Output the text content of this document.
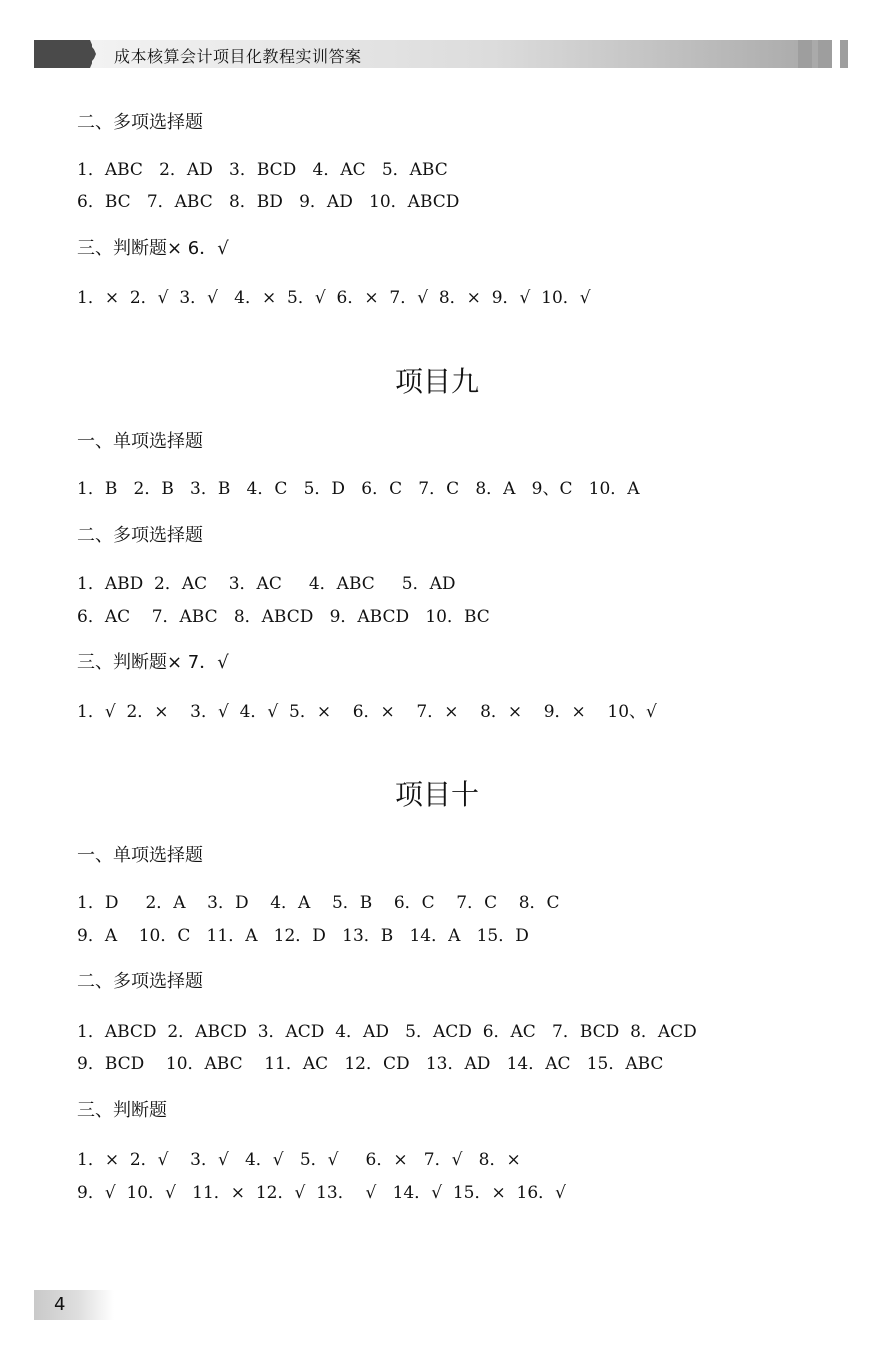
成本核算会计项目化教程实训答案
二、多项选择题
1．ABC   2．AD   3．BCD   4．AC   5．ABC
6．BC   7．ABC   8．BD   9．AD   10．ABCD
三、判断题× 6．√
1．×  2．√  3．√   4．×  5．√  6．×  7．√  8．×  9．√  10．√
项目九
一、单项选择题
1．B   2．B   3．B   4．C   5．D   6．C   7．C   8．A   9、C   10．A
二、多项选择题
1．ABD  2．AC    3．AC     4．ABC     5．AD
6．AC    7．ABC   8．ABCD   9．ABCD   10．BC
三、判断题× 7．√
1．√  2．×    3．√  4．√  5．×    6．×    7．×    8．×    9．×    10、√
项目十
一、单项选择题
1．D     2．A    3．D    4．A    5．B    6．C    7．C    8．C
9．A    10．C   11．A   12．D   13．B   14．A   15．D
二、多项选择题
1．ABCD  2．ABCD  3．ACD  4．AD   5．ACD  6．AC   7．BCD  8．ACD
9．BCD    10．ABC    11．AC   12．CD   13．AD   14．AC   15．ABC
三、判断题
1．×  2．√    3．√   4．√   5．√     6．×   7．√   8．×
9．√  10．√   11．×  12．√  13．  √   14．√  15．×  16．√
4
